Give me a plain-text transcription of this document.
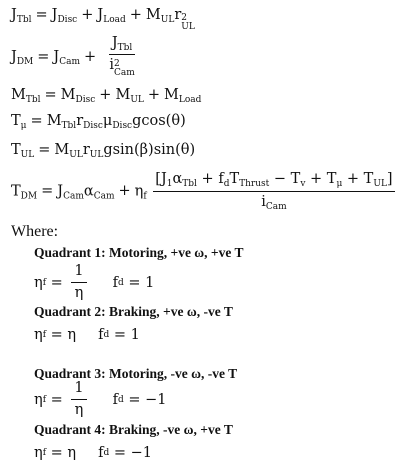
$J_{Tbl} = J_{Disc} + J_{Load} + M_{UL}r$ 2
UL
$J_{DM} = J_{Cam} + J_{Tbl}$
i 2
Cam
$M_{Tbl} = M_{Disc} + M_{UL} + M_{Load}$
$T_\mu = M_{Tbl}r_{Disc}\mu_{Disc}gcos(\theta)$
$T_{UL} = M_{UL}r_{UL}gsin(\beta)\sin(\theta)$
$T_{DM} = J_{Cam}\alpha_{Cam} + \eta_f \frac{[J_1\alpha_{Tbl} + f_dT_{Thrust} - T_v + T_\mu + T_{UL}]}{i_{Cam}}$
Where:
Quadrant 1: Motoring, +ve ω, +ve T
η $f = \frac{1}{\eta}$ f d = 1
Quadrant 2: Braking, +ve ω, -ve T
η f = η f d = 1
Quadrant 3: Motoring, -ve ω, -ve T
η $f = \frac{1}{\eta}$ f d = −1
Quadrant 4: Braking, -ve ω, +ve T
η f = η f d = −1
